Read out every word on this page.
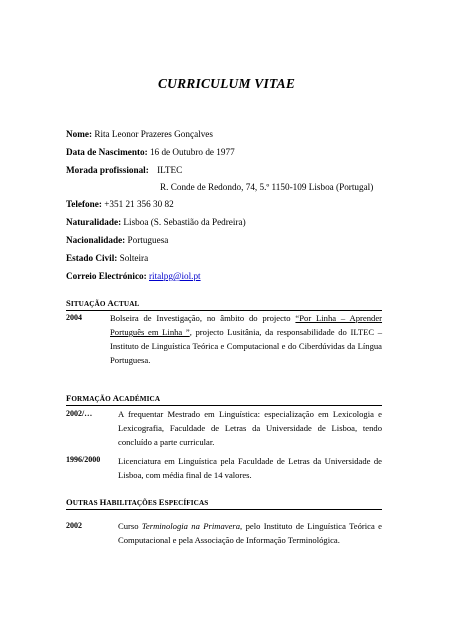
CURRICULUM VITAE
Nome: Rita Leonor Prazeres Gonçalves
Data de Nascimento: 16 de Outubro de 1977
Morada profissional: ILTEC
R. Conde de Redondo, 74, 5.º 1150-109 Lisboa (Portugal)
Telefone: +351 21 356 30 82
Naturalidade: Lisboa (S. Sebastião da Pedreira)
Nacionalidade: Portuguesa
Estado Civil: Solteira
Correio Electrónico: ritalpg@iol.pt
SITUAÇÃO ACTUAL
2004	Bolseira de Investigação, no âmbito do projecto “Por Linha – Aprender Português em Linha ”, projecto Lusitânia, da responsabilidade do ILTEC – Instituto de Linguística Teórica e Computacional e do Ciberdúvidas da Língua Portuguesa.
FORMAÇÃO ACADÉMICA
2002/…	A frequentar Mestrado em Linguística: especialização em Lexicologia e Lexicografia, Faculdade de Letras da Universidade de Lisboa, tendo concluído a parte curricular.
1996/2000 Licenciatura em Linguística pela Faculdade de Letras da Universidade de Lisboa, com média final de 14 valores.
OUTRAS HABILITAÇÕES ESPECÍFICAS
2002	Curso Terminologia na Primavera, pelo Instituto de Linguística Teórica e Computacional e pela Associação de Informação Terminológica.
